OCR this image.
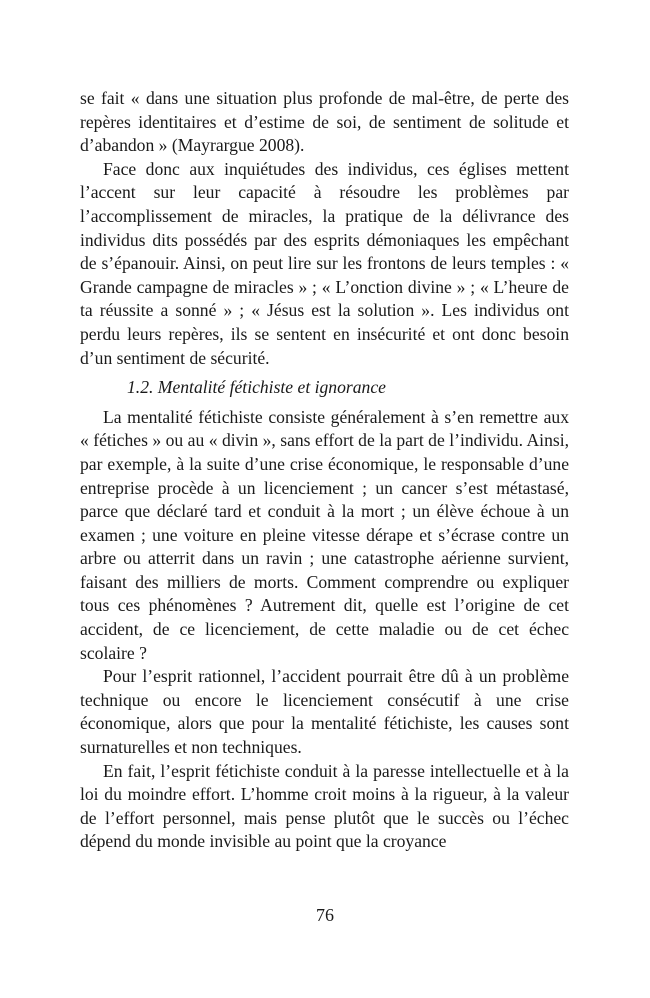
se fait « dans une situation plus profonde de mal-être, de perte des repères identitaires et d’estime de soi, de sentiment de solitude et d’abandon » (Mayrargue 2008).

Face donc aux inquiétudes des individus, ces églises mettent l’accent sur leur capacité à résoudre les problèmes par l’accomplissement de miracles, la pratique de la délivrance des individus dits possédés par des esprits démoniaques les empêchant de s’épanouir. Ainsi, on peut lire sur les frontons de leurs temples : « Grande campagne de miracles » ; « L’onction divine » ; « L’heure de ta réussite a sonné » ; « Jésus est la solution ». Les individus ont perdu leurs repères, ils se sentent en insécurité et ont donc besoin d’un sentiment de sécurité.

1.2. Mentalité fétichiste et ignorance

La mentalité fétichiste consiste généralement à s’en remettre aux « fétiches » ou au « divin », sans effort de la part de l’individu. Ainsi, par exemple, à la suite d’une crise économique, le responsable d’une entreprise procède à un licenciement ; un cancer s’est métastasé, parce que déclaré tard et conduit à la mort ; un élève échoue à un examen ; une voiture en pleine vitesse dérape et s’écrase contre un arbre ou atterrit dans un ravin ; une catastrophe aérienne survient, faisant des milliers de morts. Comment comprendre ou expliquer tous ces phénomènes ? Autrement dit, quelle est l’origine de cet accident, de ce licenciement, de cette maladie ou de cet échec scolaire ?

Pour l’esprit rationnel, l’accident pourrait être dû à un problème technique ou encore le licenciement consécutif à une crise économique, alors que pour la mentalité fétichiste, les causes sont surnaturelles et non techniques.

En fait, l’esprit fétichiste conduit à la paresse intellectuelle et à la loi du moindre effort. L’homme croit moins à la rigueur, à la valeur de l’effort personnel, mais pense plutôt que le succès ou l’échec dépend du monde invisible au point que la croyance

76
